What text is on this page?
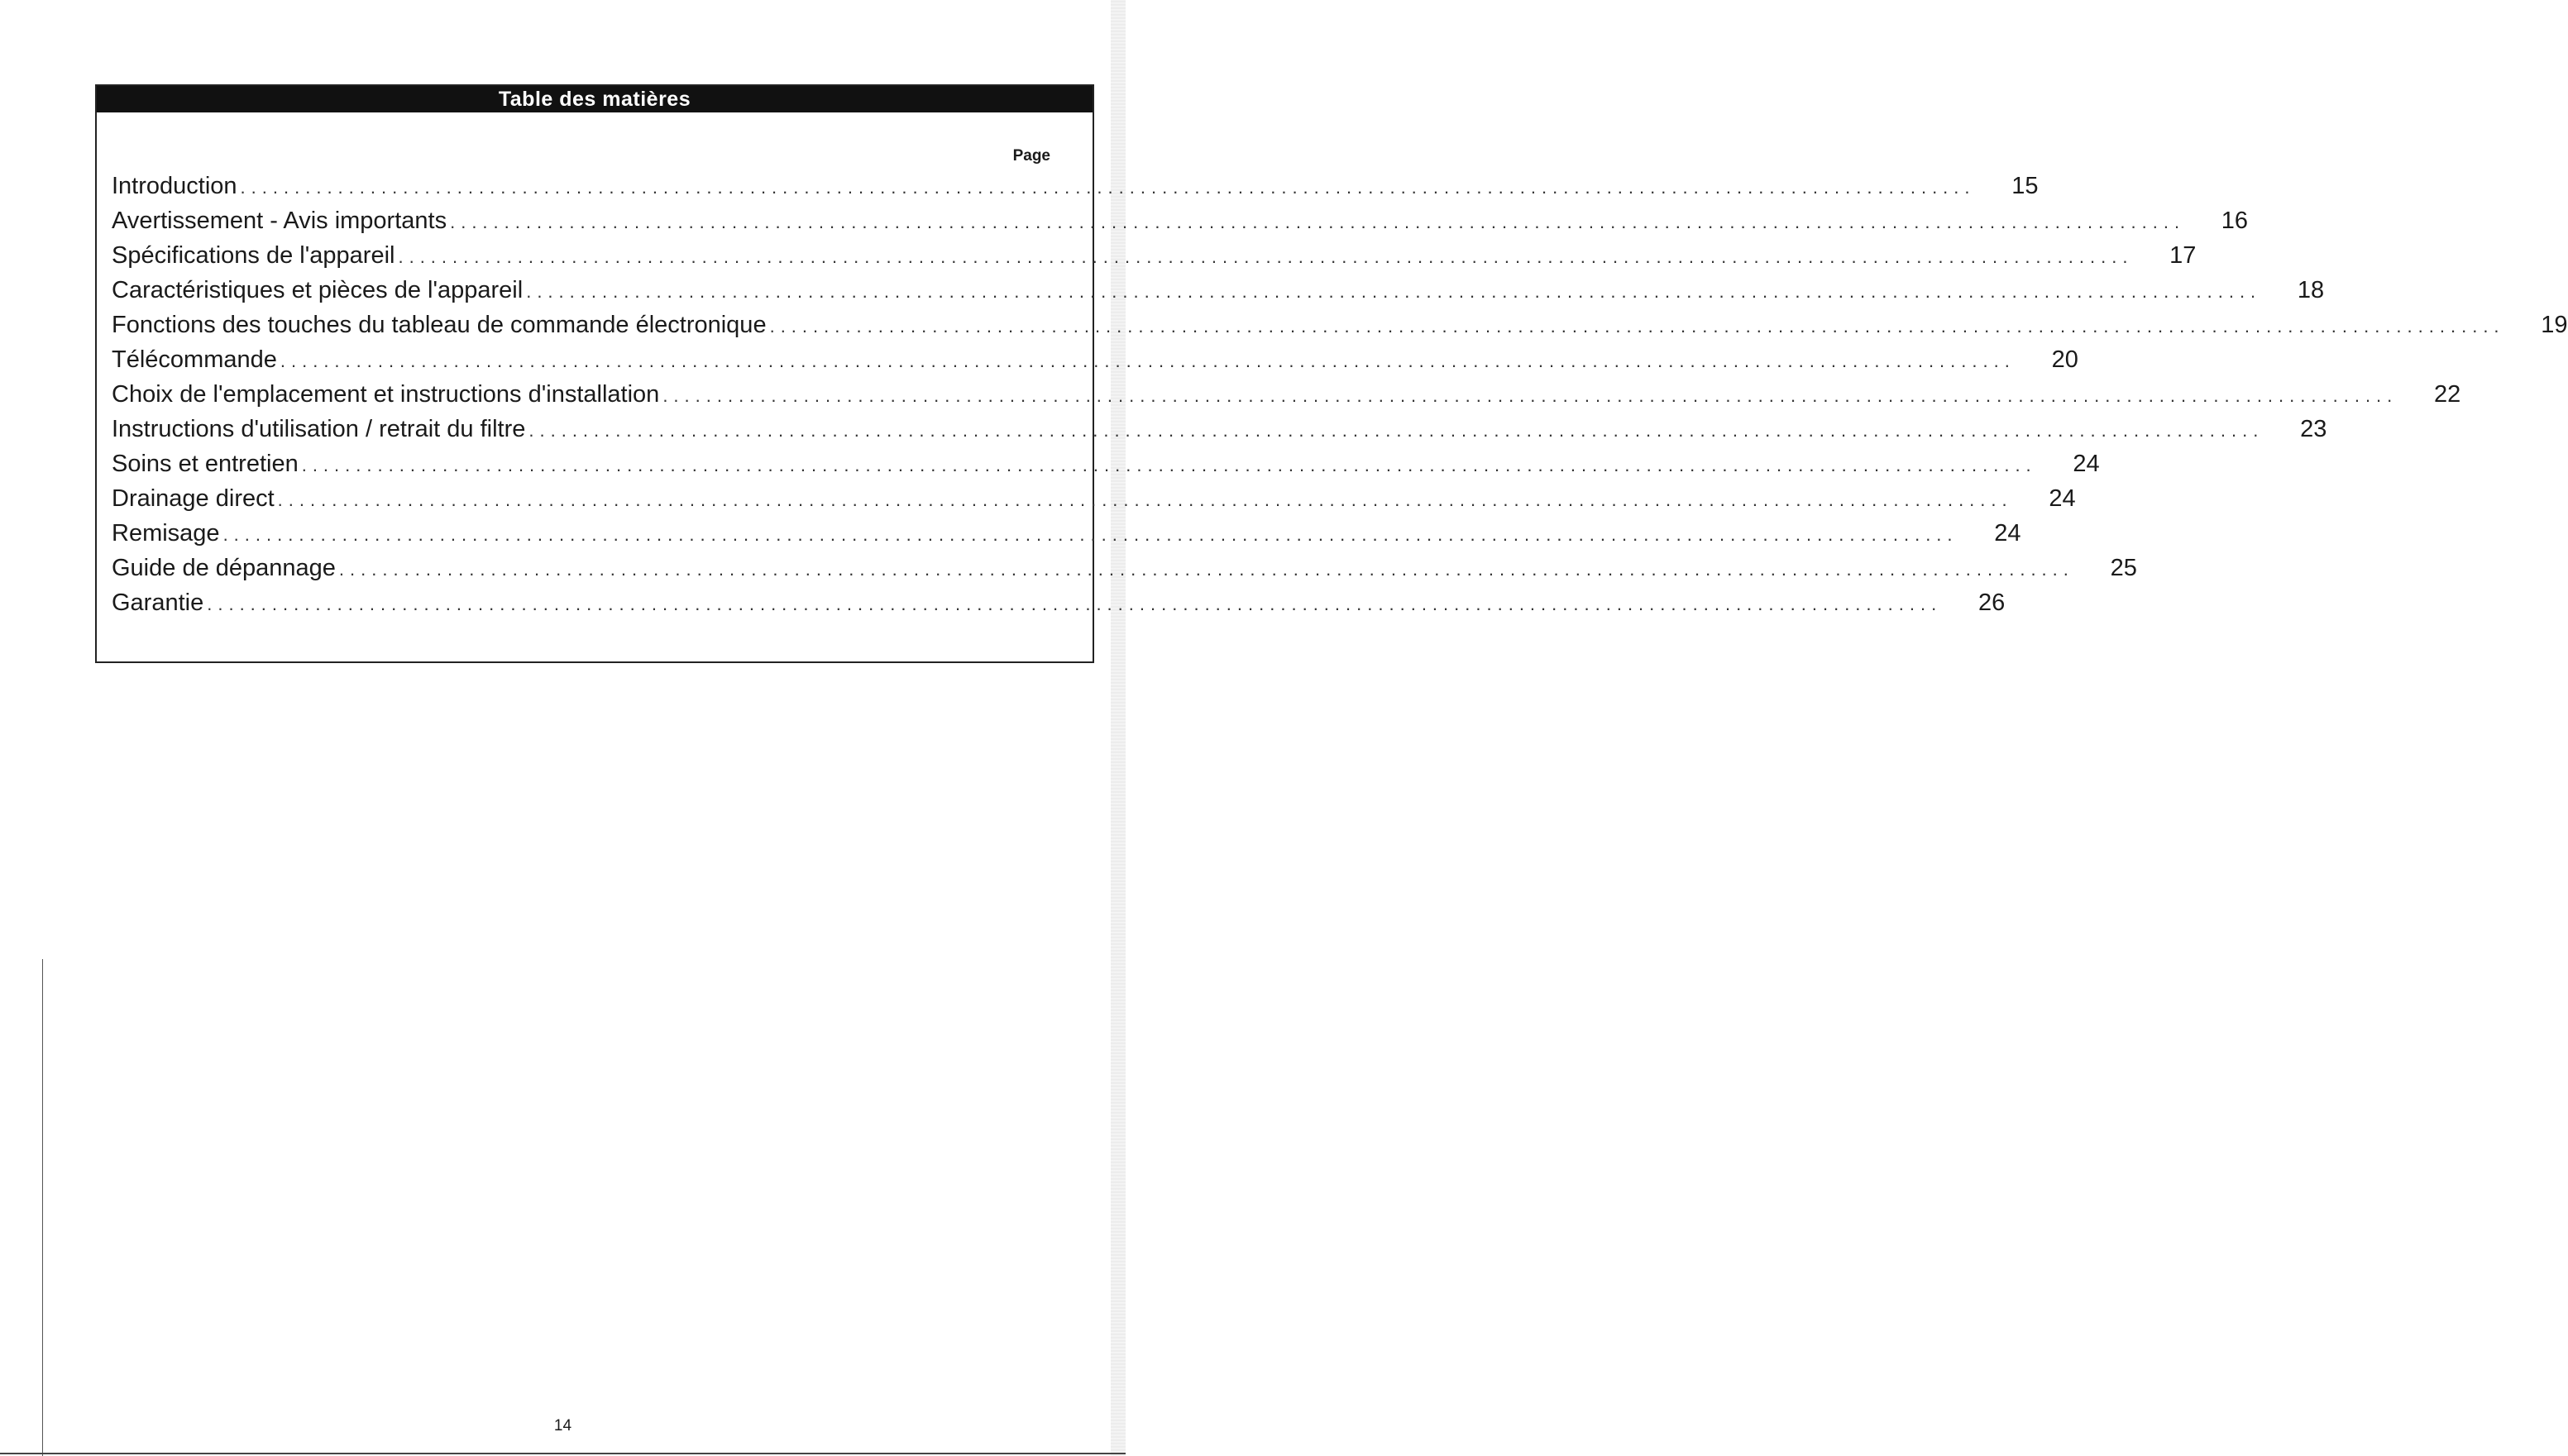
Table des matières
Page
Introduction ................................................................................................................................................................ 15
Avertissement - Avis importants ................................................................................................................................................................ 16
Spécifications de l'appareil ................................................................................................................................................................ 17
Caractéristiques et pièces de l'appareil ................................................................................................................................................................ 18
Fonctions des touches du tableau de commande électronique ................................................................................................................................................................ 19
Télécommande ................................................................................................................................................................ 20
Choix de l'emplacement et instructions d'installation ................................................................................................................................................................ 22
Instructions d'utilisation / retrait du filtre ................................................................................................................................................................ 23
Soins et entretien ................................................................................................................................................................ 24
Drainage direct ................................................................................................................................................................ 24
Remisage ................................................................................................................................................................ 24
Guide de dépannage ................................................................................................................................................................ 25
Garantie ................................................................................................................................................................ 26
14
